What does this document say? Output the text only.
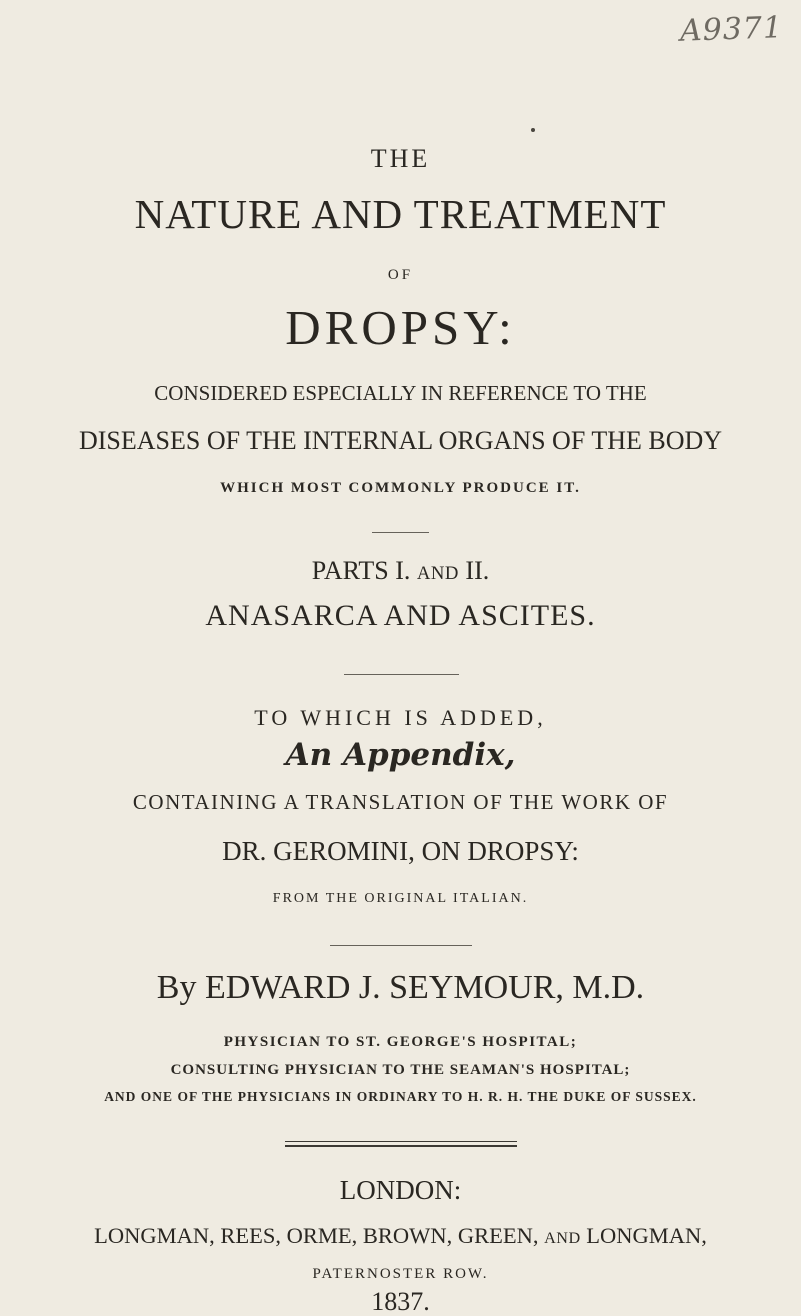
A9371
THE
NATURE AND TREATMENT
OF
DROPSY:
CONSIDERED ESPECIALLY IN REFERENCE TO THE
DISEASES OF THE INTERNAL ORGANS OF THE BODY
WHICH MOST COMMONLY PRODUCE IT.
PARTS I. AND II.
ANASARCA AND ASCITES.
TO WHICH IS ADDED,
An Appendix,
CONTAINING A TRANSLATION OF THE WORK OF
DR. GEROMINI, ON DROPSY:
FROM THE ORIGINAL ITALIAN.
By EDWARD J. SEYMOUR, M.D.
PHYSICIAN TO ST. GEORGE'S HOSPITAL;
CONSULTING PHYSICIAN TO THE SEAMAN'S HOSPITAL;
AND ONE OF THE PHYSICIANS IN ORDINARY TO H. R. H. THE DUKE OF SUSSEX.
LONDON:
LONGMAN, REES, ORME, BROWN, GREEN, AND LONGMAN,
PATERNOSTER ROW.
1837.
